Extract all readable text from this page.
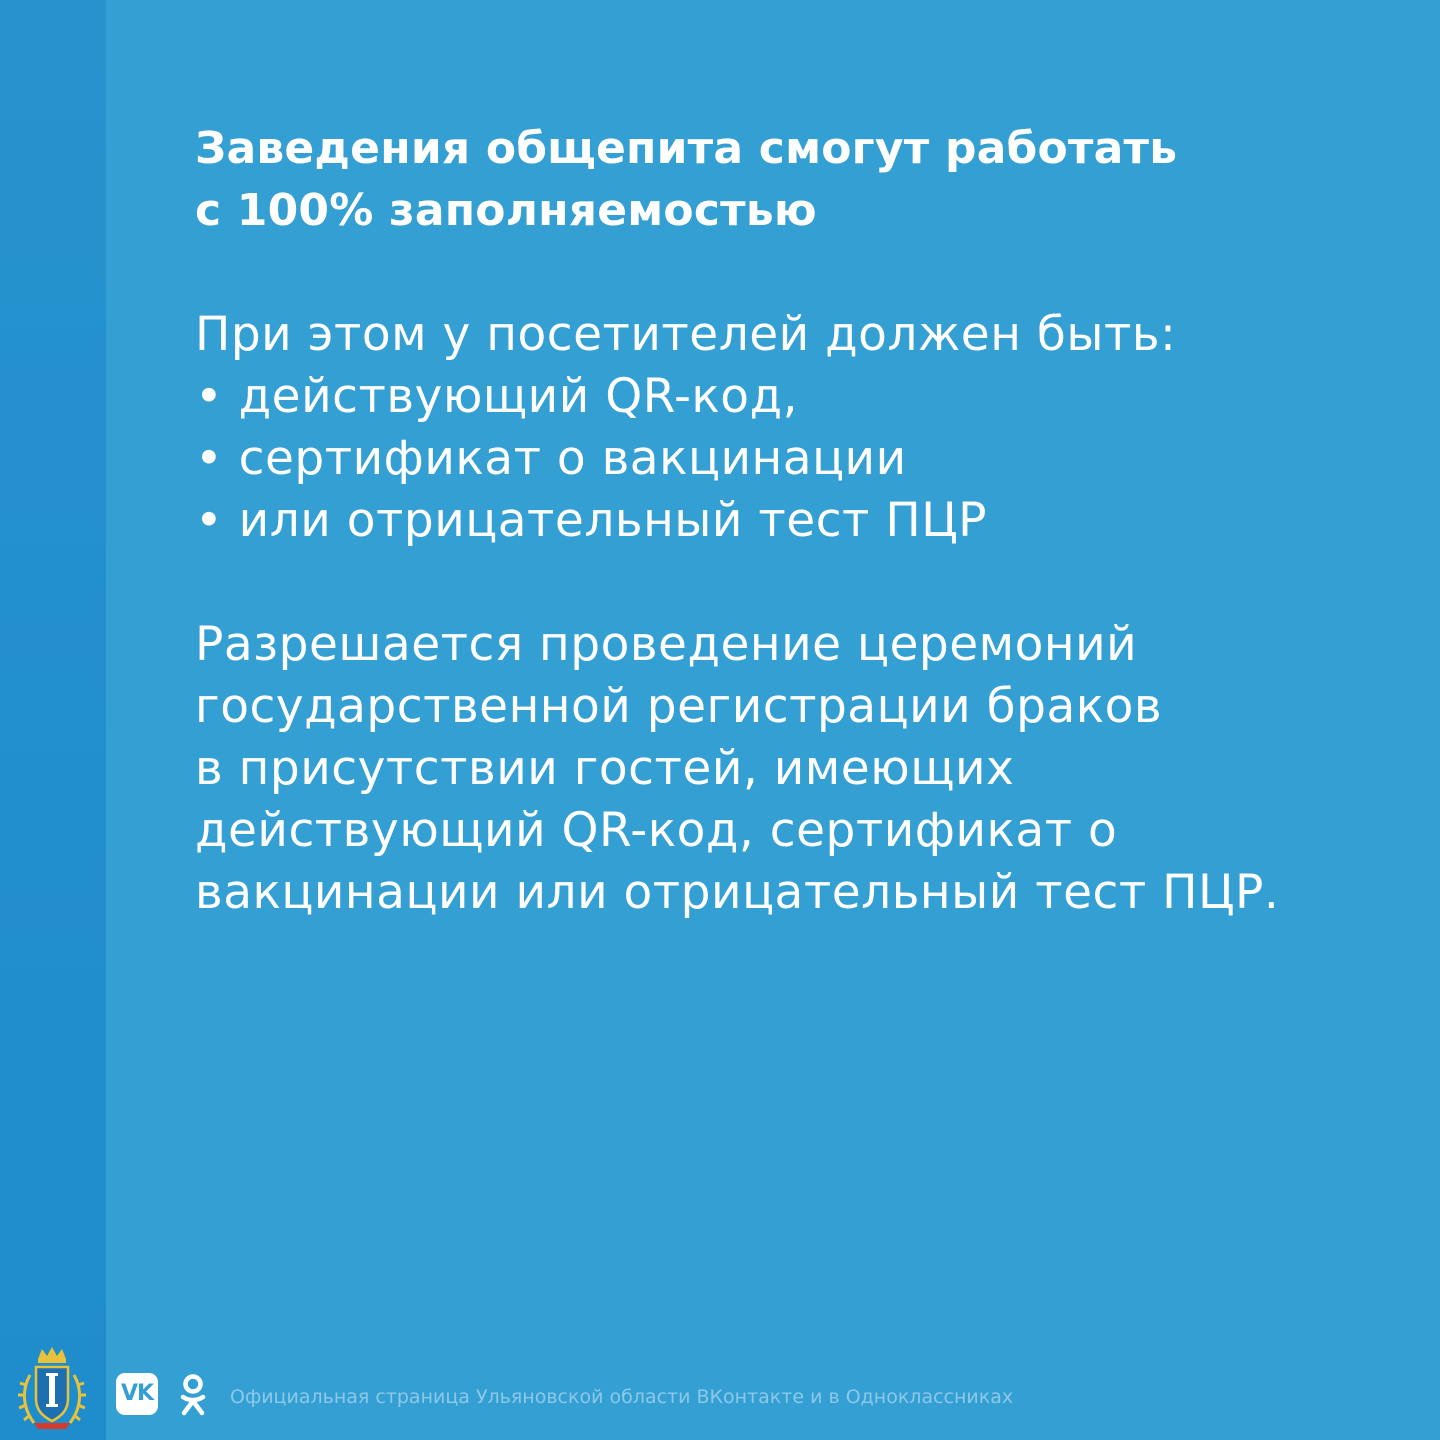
Заведения общепита смогут работать
с 100% заполняемостью
При этом у посетителей должен быть:
• действующий QR-код,
• сертификат о вакцинации
• или отрицательный тест ПЦР
Разрешается проведение церемоний
государственной регистрации браков
в присутствии гостей, имеющих
действующий QR-код, сертификат о
вакцинации или отрицательный тест ПЦР.
VK	Официальная страница Ульяновской области ВКонтакте и в Одноклассниках
